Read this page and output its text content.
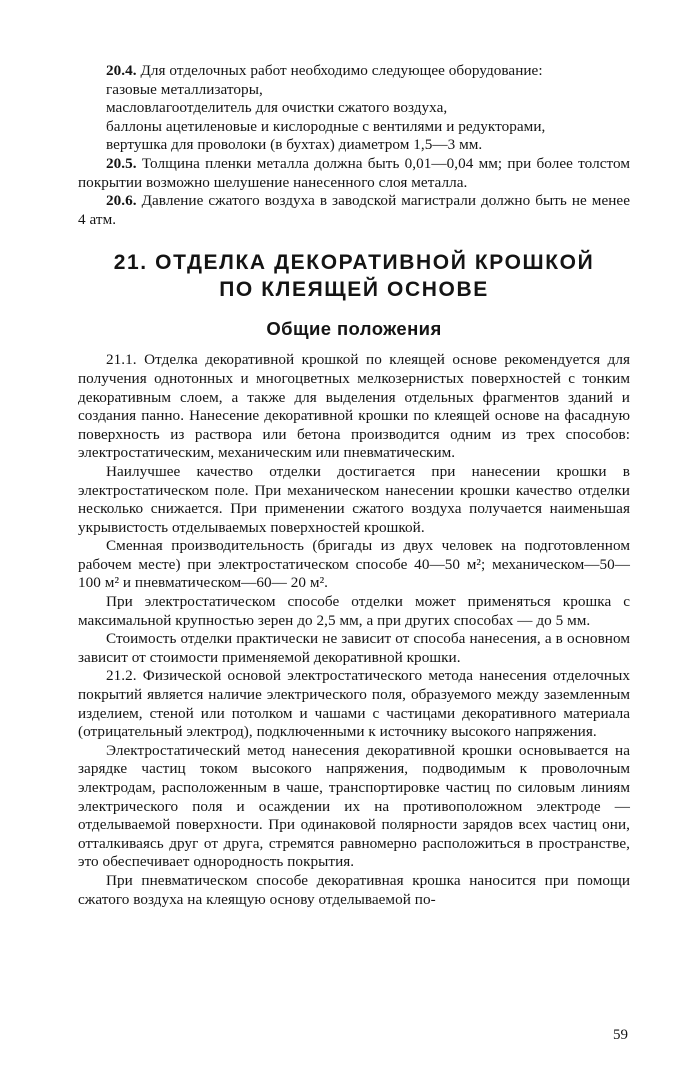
20.4. Для отделочных работ необходимо следующее оборудование:

газовые металлизаторы,

масловлагоотделитель для очистки сжатого воздуха,

баллоны ацетиленовые и кислородные с вентилями и редукторами,

вертушка для проволоки (в бухтах) диаметром 1,5—3 мм.

20.5. Толщина пленки металла должна быть 0,01—0,04 мм; при более толстом покрытии возможно шелушение нанесенного слоя металла.

20.6. Давление сжатого воздуха в заводской магистрали должно быть не менее 4 атм.

21. ОТДЕЛКА ДЕКОРАТИВНОЙ КРОШКОЙ
ПО КЛЕЯЩЕЙ ОСНОВЕ
Общие положения

21.1. Отделка декоративной крошкой по клеящей основе рекомендуется для получения однотонных и многоцветных мелкозернистых поверхностей с тонким декоративным слоем, а также для выделения отдельных фрагментов зданий и создания панно. Нанесение декоративной крошки по клеящей основе на фасадную поверхность из раствора или бетона производится одним из трех способов: электростатическим, механическим или пневматическим.

Наилучшее качество отделки достигается при нанесении крошки в электростатическом поле. При механическом нанесении крошки качество отделки несколько снижается. При применении сжатого воздуха получается наименьшая укрывистость отделываемых поверхностей крошкой.

Сменная производительность (бригады из двух человек на подготовленном рабочем месте) при электростатическом способе 40—50 м²; механическом—50—100 м² и пневматическом—60— 20 м².

При электростатическом способе отделки может применяться крошка с максимальной крупностью зерен до 2,5 мм, а при других способах — до 5 мм.

Стоимость отделки практически не зависит от способа нанесения, а в основном зависит от стоимости применяемой декоративной крошки.

21.2. Физической основой электростатического метода нанесения отделочных покрытий является наличие электрического поля, образуемого между заземленным изделием, стеной или потолком и чашами с частицами декоративного материала (отрицательный электрод), подключенными к источнику высокого напряжения.

Электростатический метод нанесения декоративной крошки основывается на зарядке частиц током высокого напряжения, подводимым к проволочным электродам, расположенным в чаше, транспортировке частиц по силовым линиям электрического поля и осаждении их на противоположном электроде — отделываемой поверхности. При одинаковой полярности зарядов всех частиц они, отталкиваясь друг от друга, стремятся равномерно расположиться в пространстве, это обеспечивает однородность покрытия.

При пневматическом способе декоративная крошка наносится при помощи сжатого воздуха на клеящую основу отделываемой по-

59
